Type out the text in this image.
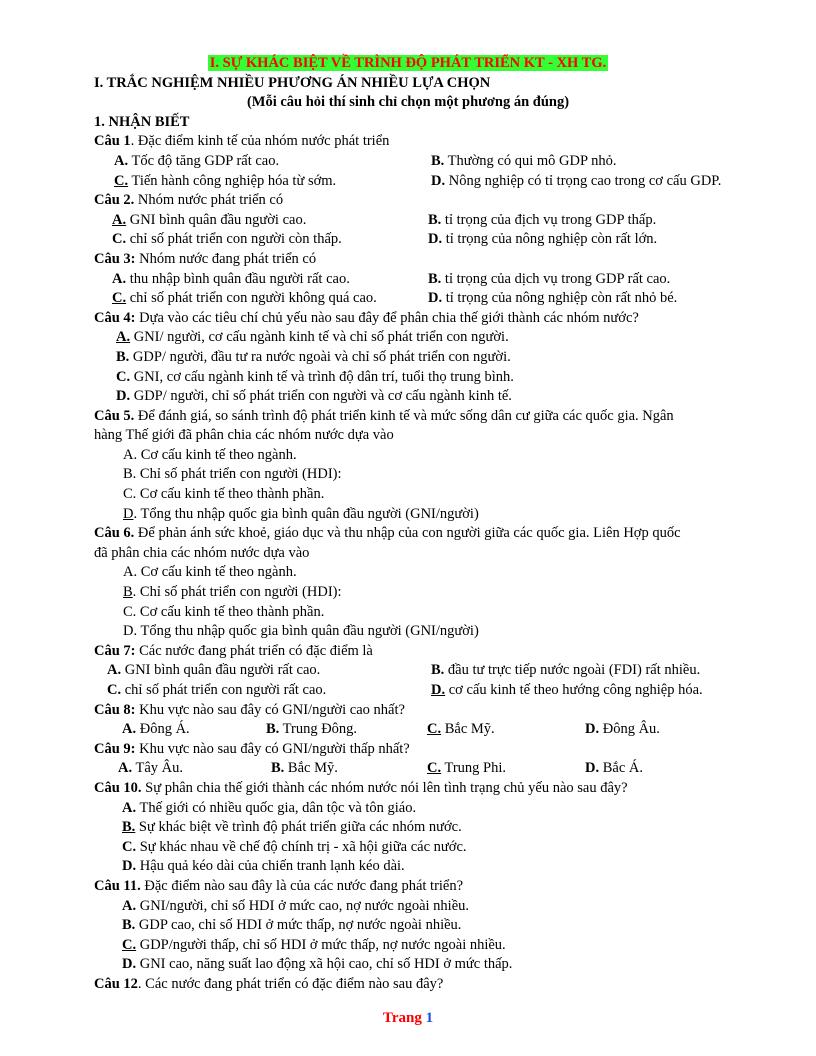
I. SỰ KHÁC BIỆT VỀ TRÌNH ĐỘ PHÁT TRIỂN KT - XH TG.
I. TRẮC NGHIỆM NHIỀU PHƯƠNG ÁN NHIỀU LỰA CHỌN
(Mỗi câu hỏi thí sinh chỉ chọn một phương án đúng)
1. NHẬN BIẾT
Câu 1. Đặc điểm kinh tế của nhóm nước phát triển
A. Tốc độ tăng GDP rất cao.	B. Thường có qui mô GDP nhỏ.
C. Tiến hành công nghiệp hóa từ sớm.	D. Nông nghiệp có tỉ trọng cao trong cơ cấu GDP.
Câu 2. Nhóm nước phát triển có
A. GNI bình quân đầu người cao.	B. tỉ trọng của địch vụ trong GDP thấp.
C. chỉ số phát triển con người còn thấp.	D. tỉ trọng của nông nghiệp còn rất lớn.
Câu 3: Nhóm nước đang phát triển có
A. thu nhập bình quân đầu người rất cao.	B. tỉ trọng của dịch vụ trong GDP rất cao.
C. chỉ số phát triển con người không quá cao.	D. tỉ trọng của nông nghiệp còn rất nhỏ bé.
Câu 4: Dựa vào các tiêu chí chủ yếu nào sau đây để phân chia thế giới thành các nhóm nước?
A. GNI/ người, cơ cấu ngành kinh tế và chỉ số phát triển con người.
B. GDP/ người, đầu tư ra nước ngoài và chỉ số phát triển con người.
C. GNI, cơ cấu ngành kinh tế và trình độ dân trí, tuổi thọ trung bình.
D. GDP/ người, chỉ số phát triển con người và cơ cấu ngành kinh tế.
Câu 5. Để đánh giá, so sánh trình độ phát triển kinh tế và mức sống dân cư giữa các quốc gia. Ngân
hàng Thế giới đã phân chia các nhóm nước dựa vào
A. Cơ cấu kinh tế theo ngành.
B. Chỉ số phát triển con người (HDI):
C. Cơ cấu kinh tế theo thành phần.
D. Tổng thu nhập quốc gia bình quân đầu người (GNI/người)
Câu 6. Để phản ánh sức khoẻ, giáo dục và thu nhập của con người giữa các quốc gia. Liên Hợp quốc
đã phân chia các nhóm nước dựa vào
A. Cơ cấu kinh tế theo ngành.
B. Chỉ số phát triển con người (HDI):
C. Cơ cấu kinh tế theo thành phần.
D. Tổng thu nhập quốc gia bình quân đầu người (GNI/người)
Câu 7: Các nước đang phát triển có đặc điểm là
A. GNI bình quân đầu người rất cao.	B. đầu tư trực tiếp nước ngoài (FDI) rất nhiều.
C. chỉ số phát triển con người rất cao.	D. cơ cấu kinh tế theo hướng công nghiệp hóa.
Câu 8: Khu vực nào sau đây có GNI/người cao nhất?
A. Đông Á.	B. Trung Đông.	C. Bắc Mỹ.	D. Đông Âu.
Câu 9: Khu vực nào sau đây có GNI/người thấp nhất?
A. Tây Âu.	B. Bắc Mỹ.	C. Trung Phi.	D. Bắc Á.
Câu 10. Sự phân chia thế giới thành các nhóm nước nói lên tình trạng chủ yếu nào sau đây?
A. Thế giới có nhiều quốc gia, dân tộc và tôn giáo.
B. Sự khác biệt về trình độ phát triển giữa các nhóm nước.
C. Sự khác nhau về chế độ chính trị - xã hội giữa các nước.
D. Hậu quả kéo dài của chiến tranh lạnh kéo dài.
Câu 11. Đặc điểm nào sau đây là của các nước đang phát triển?
A. GNI/người, chỉ số HDI ở mức cao, nợ nước ngoài nhiều.
B. GDP cao, chỉ số HDI ở mức thấp, nợ nước ngoài nhiều.
C. GDP/người thấp, chỉ số HDI ở mức thấp, nợ nước ngoài nhiều.
D. GNI cao, năng suất lao động xã hội cao, chỉ số HDI ở mức thấp.
Câu 12. Các nước đang phát triển có đặc điểm nào sau đây?
Trang 1
